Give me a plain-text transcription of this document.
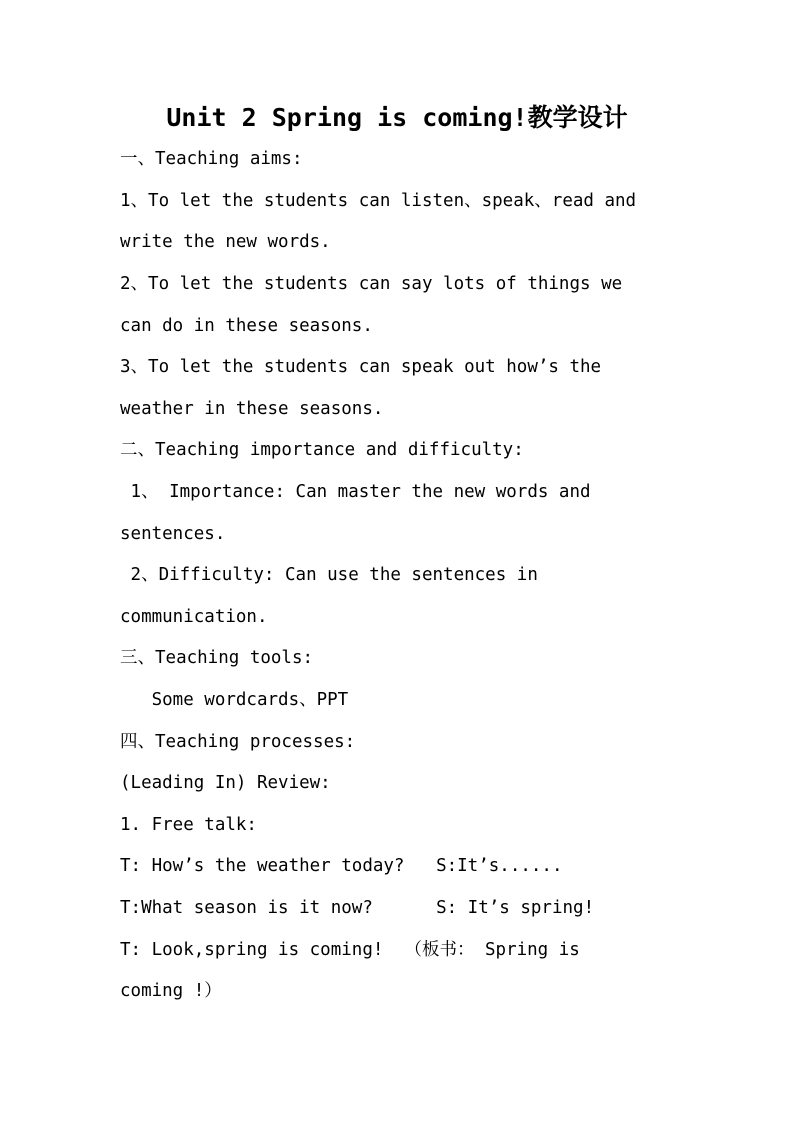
Unit 2 Spring is coming!教学设计
一、Teaching aims:
1、To let the students can listen、speak、read and
write the new words.
2、To let the students can say lots of things we
can do in these seasons.
3、To let the students can speak out how’s the
weather in these seasons.
二、Teaching importance and difficulty:
1、 Importance: Can master the new words and
sentences.
2、Difficulty: Can use the sentences in
communication.
三、Teaching tools:
Some wordcards、PPT
四、Teaching processes:
(Leading In) Review:
1. Free talk:
T: How’s the weather today?   S:It’s......
T:What season is it now?      S: It’s spring!
T: Look,spring is coming!  （板书： Spring is
coming !）
